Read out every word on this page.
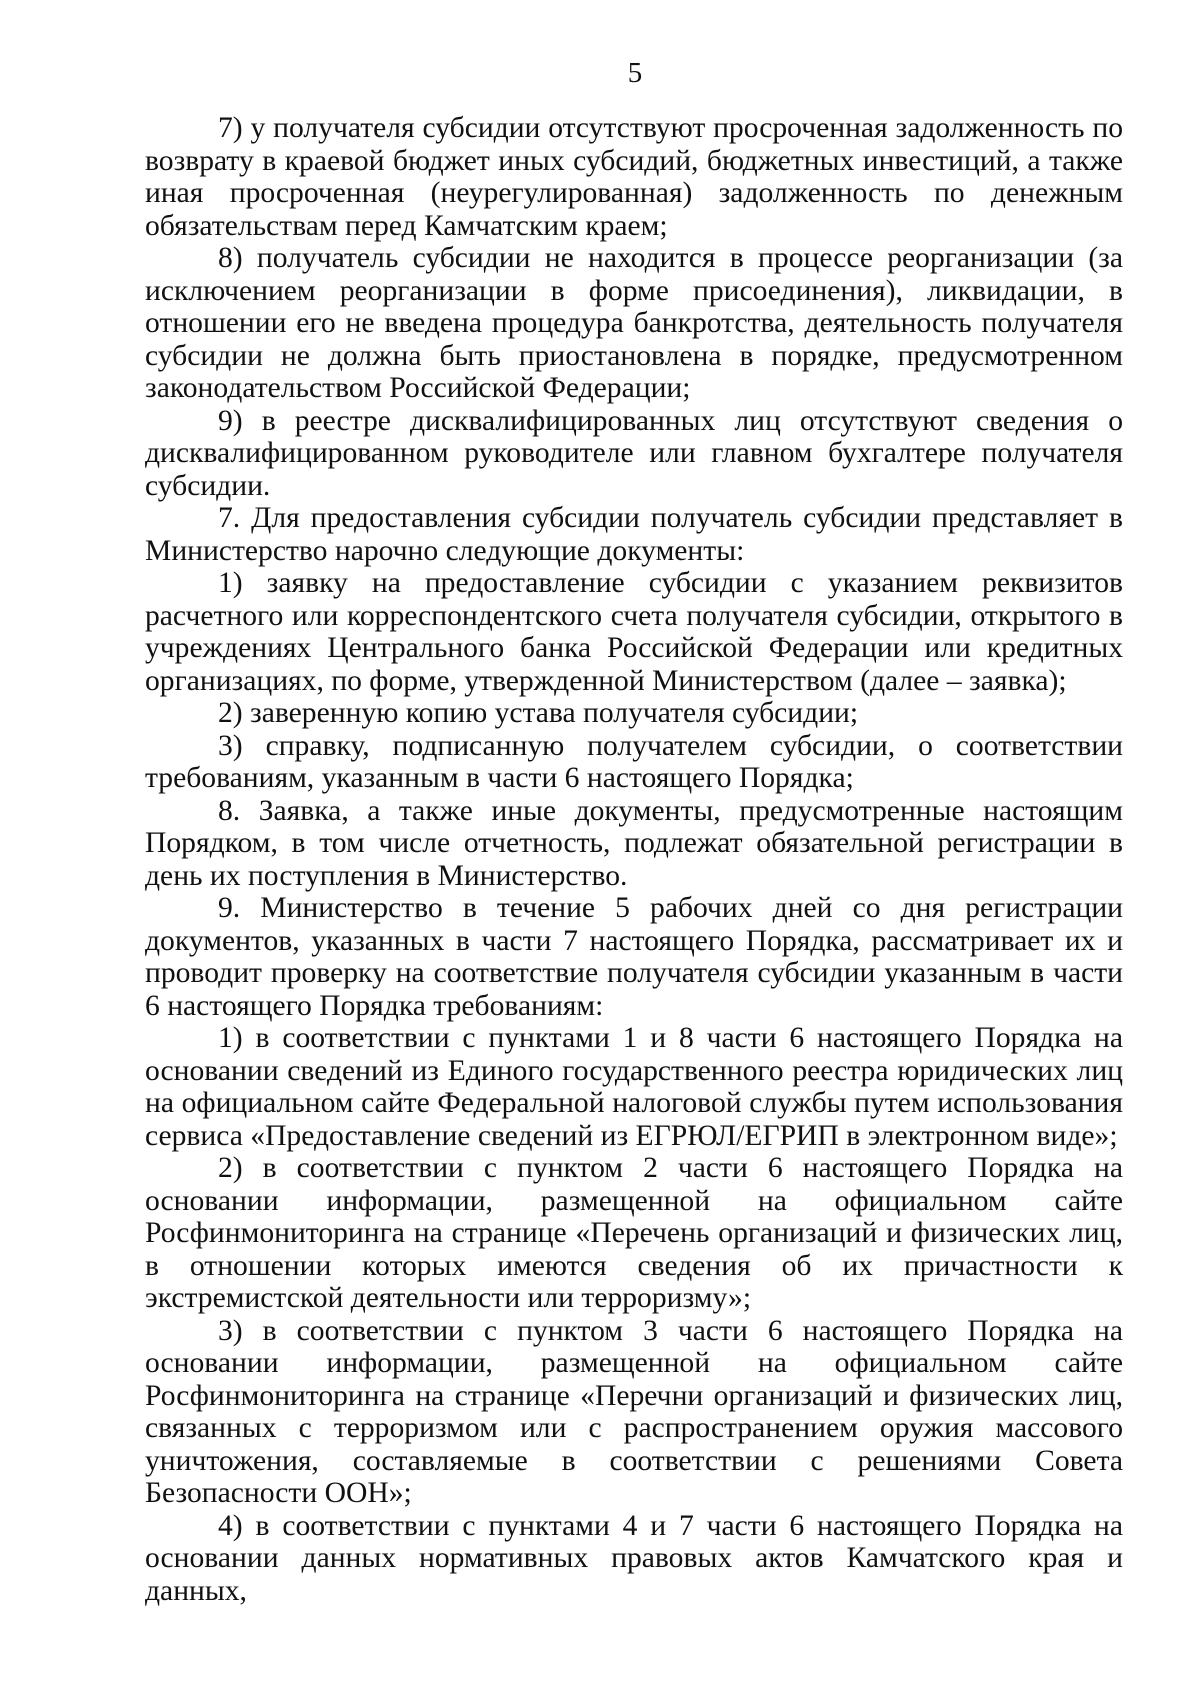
5

7) у получателя субсидии отсутствуют просроченная задолженность по возврату в краевой бюджет иных субсидий, бюджетных инвестиций, а также иная просроченная (неурегулированная) задолженность по денежным обязательствам перед Камчатским краем;

8) получатель субсидии не находится в процессе реорганизации (за исключением реорганизации в форме присоединения), ликвидации, в отношении его не введена процедура банкротства, деятельность получателя субсидии не должна быть приостановлена в порядке, предусмотренном законодательством Российской Федерации;

9) в реестре дисквалифицированных лиц отсутствуют сведения о дисквалифицированном руководителе или главном бухгалтере получателя субсидии.

7. Для предоставления субсидии получатель субсидии представляет в Министерство нарочно следующие документы:

1) заявку на предоставление субсидии с указанием реквизитов расчетного или корреспондентского счета получателя субсидии, открытого в учреждениях Центрального банка Российской Федерации или кредитных организациях, по форме, утвержденной Министерством (далее – заявка);

2) заверенную копию устава получателя субсидии;

3) справку, подписанную получателем субсидии, о соответствии требованиям, указанным в части 6 настоящего Порядка;

8. Заявка, а также иные документы, предусмотренные настоящим Порядком, в том числе отчетность, подлежат обязательной регистрации в день их поступления в Министерство.

9. Министерство в течение 5 рабочих дней со дня регистрации документов, указанных в части 7 настоящего Порядка, рассматривает их и проводит проверку на соответствие получателя субсидии указанным в части 6 настоящего Порядка требованиям:

1) в соответствии с пунктами 1 и 8 части 6 настоящего Порядка на основании сведений из Единого государственного реестра юридических лиц на официальном сайте Федеральной налоговой службы путем использования сервиса «Предоставление сведений из ЕГРЮЛ/ЕГРИП в электронном виде»;

2) в соответствии с пунктом 2 части 6 настоящего Порядка на основании информации, размещенной на официальном сайте Росфинмониторинга на странице «Перечень организаций и физических лиц, в отношении которых имеются сведения об их причастности к экстремистской деятельности или терроризму»;

3) в соответствии с пунктом 3 части 6 настоящего Порядка на основании информации, размещенной на официальном сайте Росфинмониторинга на странице «Перечни организаций и физических лиц, связанных с терроризмом или с распространением оружия массового уничтожения, составляемые в соответствии с решениями Совета Безопасности ООН»;

4) в соответствии с пунктами 4 и 7 части 6 настоящего Порядка на основании данных нормативных правовых актов Камчатского края и данных,
